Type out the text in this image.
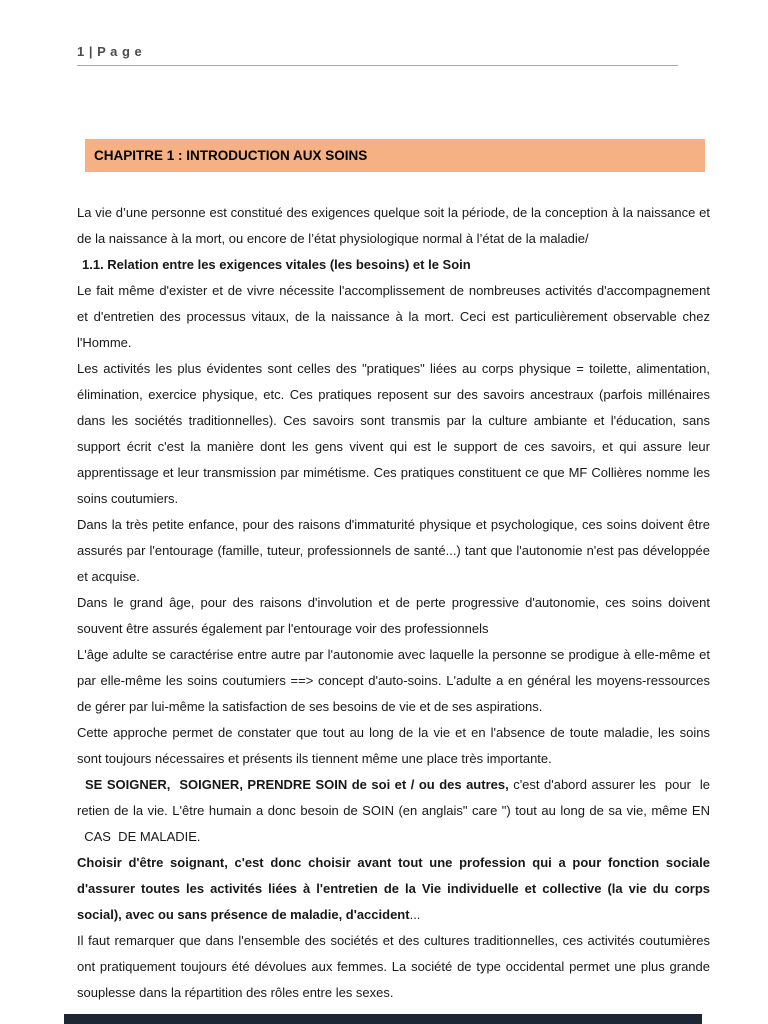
1 | P a g e
CHAPITRE 1 : INTRODUCTION AUX SOINS

La vie d’une personne est constitué des exigences quelque soit la période, de la conception à la naissance et de la naissance à la mort, ou encore de l’état physiologique normal à l’état de la maladie/

1.1. Relation entre les exigences vitales (les besoins) et le Soin

Le fait même d'exister et de vivre nécessite l'accomplissement de nombreuses activités d'accompagnement et d'entretien des processus vitaux, de la naissance à la mort. Ceci est particulièrement observable chez l'Homme.

Les activités les plus évidentes sont celles des "pratiques" liées au corps physique = toilette, alimentation, élimination, exercice physique, etc. Ces pratiques reposent sur des savoirs ancestraux (parfois millénaires dans les sociétés traditionnelles). Ces savoirs sont transmis par la culture ambiante et l'éducation, sans support écrit c'est la manière dont les gens vivent qui est le support de ces savoirs, et qui assure leur apprentissage et leur transmission par mimétisme. Ces pratiques constituent ce que MF Collières nomme les soins coutumiers.

Dans la très petite enfance, pour des raisons d'immaturité physique et psychologique, ces soins doivent être assurés par l'entourage (famille, tuteur, professionnels de santé...) tant que l'autonomie n'est pas développée et acquise.

Dans le grand âge, pour des raisons d'involution et de perte progressive d'autonomie, ces soins doivent souvent être assurés également par l'entourage voir des professionnels

L'âge adulte se caractérise entre autre par l'autonomie avec laquelle la personne se prodigue à elle-même et par elle-même les soins coutumiers ==> concept d'auto-soins. L'adulte a en général les moyens-ressources de gérer par lui-même la satisfaction de ses besoins de vie et de ses aspirations.

Cette approche permet de constater que tout au long de la vie et en l'absence de toute maladie, les soins sont toujours nécessaires et présents ils tiennent même une place très importante.

SE SOIGNER,  SOIGNER, PRENDRE SOIN de soi et / ou des autres, c'est d'abord assurer les  pour  le retien de la vie. L'être humain a donc besoin de SOIN (en anglais" care ") tout au long de sa vie, même EN   CAS  DE MALADIE.

Choisir d'être soignant, c'est donc choisir avant tout une profession qui a pour fonction sociale d'assurer toutes les activités liées à l'entretien de la Vie individuelle et collective (la vie du corps social), avec ou sans présence de maladie, d'accident...

Il faut remarquer que dans l'ensemble des sociétés et des cultures traditionnelles, ces activités coutumières ont pratiquement toujours été dévolues aux femmes. La société de type occidental permet une plus grande souplesse dans la répartition des rôles entre les sexes.
